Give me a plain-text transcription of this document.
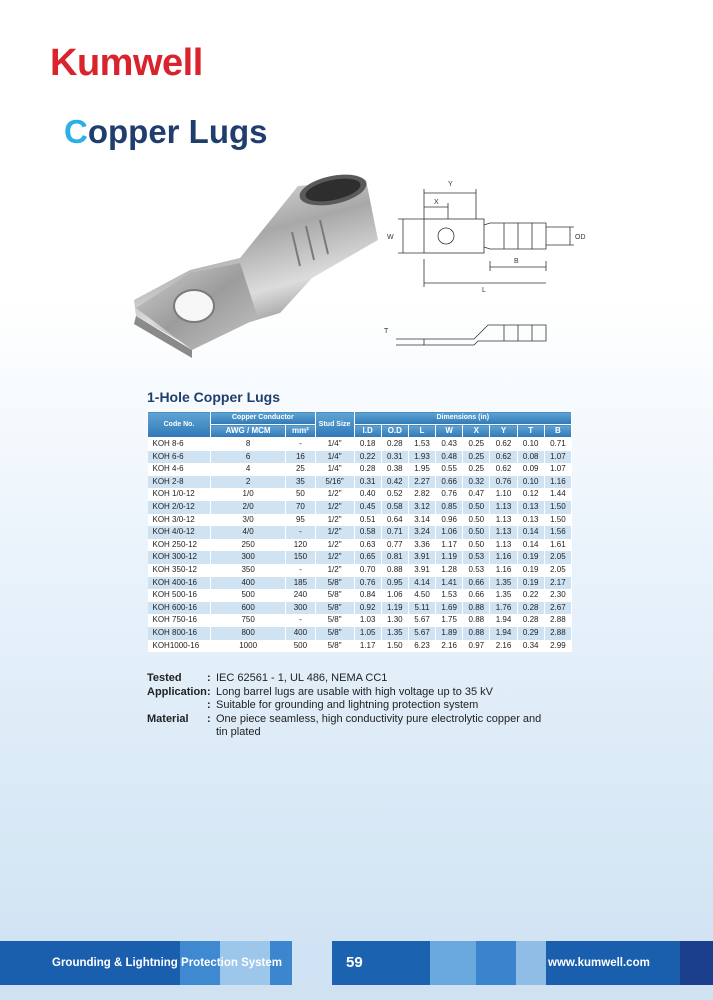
Kumwell
Copper Lugs
Y
X
W	OD
B
L
T
1-Hole Copper Lugs
Code No.	Copper Conductor		Stud Size	Dimensions (in)							
	AWG / MCM	mm²		I.D	O.D	L	W	X	Y	T	B
KOH 8-6	8	-	1/4"	0.18	0.28	1.53	0.43	0.25	0.62	0.10	0.71
KOH 6-6	6	16	1/4"	0.22	0.31	1.93	0.48	0.25	0.62	0.08	1.07
KOH 4-6	4	25	1/4"	0.28	0.38	1.95	0.55	0.25	0.62	0.09	1.07
KOH 2-8	2	35	5/16"	0.31	0.42	2.27	0.66	0.32	0.76	0.10	1.16
KOH 1/0-12	1/0	50	1/2"	0.40	0.52	2.82	0.76	0.47	1.10	0.12	1.44
KOH 2/0-12	2/0	70	1/2"	0.45	0.58	3.12	0.85	0.50	1.13	0.13	1.50
KOH 3/0-12	3/0	95	1/2"	0.51	0.64	3.14	0.96	0.50	1.13	0.13	1.50
KOH 4/0-12	4/0	-	1/2"	0.58	0.71	3.24	1.06	0.50	1.13	0.14	1.56
KOH 250-12	250	120	1/2"	0.63	0.77	3.36	1.17	0.50	1.13	0.14	1.61
KOH 300-12	300	150	1/2"	0.65	0.81	3.91	1.19	0.53	1.16	0.19	2.05
KOH 350-12	350	-	1/2"	0.70	0.88	3.91	1.28	0.53	1.16	0.19	2.05
KOH 400-16	400	185	5/8"	0.76	0.95	4.14	1.41	0.66	1.35	0.19	2.17
KOH 500-16	500	240	5/8"	0.84	1.06	4.50	1.53	0.66	1.35	0.22	2.30
KOH 600-16	600	300	5/8"	0.92	1.19	5.11	1.69	0.88	1.76	0.28	2.67
KOH 750-16	750	-	5/8"	1.03	1.30	5.67	1.75	0.88	1.94	0.28	2.88
KOH 800-16	800	400	5/8"	1.05	1.35	5.67	1.89	0.88	1.94	0.29	2.88
KOH1000-16	1000	500	5/8"	1.17	1.50	6.23	2.16	0.97	2.16	0.34	2.99
Tested	: IEC 62561 - 1, UL 486, NEMA CC1
Application : Long barrel lugs are usable with high voltage up to 35 kV
: Suitable for grounding and lightning protection system
Material	: One piece seamless, high conductivity pure electrolytic copper and tin plated
Grounding & Lightning Protection System	59	www.kumwell.com
